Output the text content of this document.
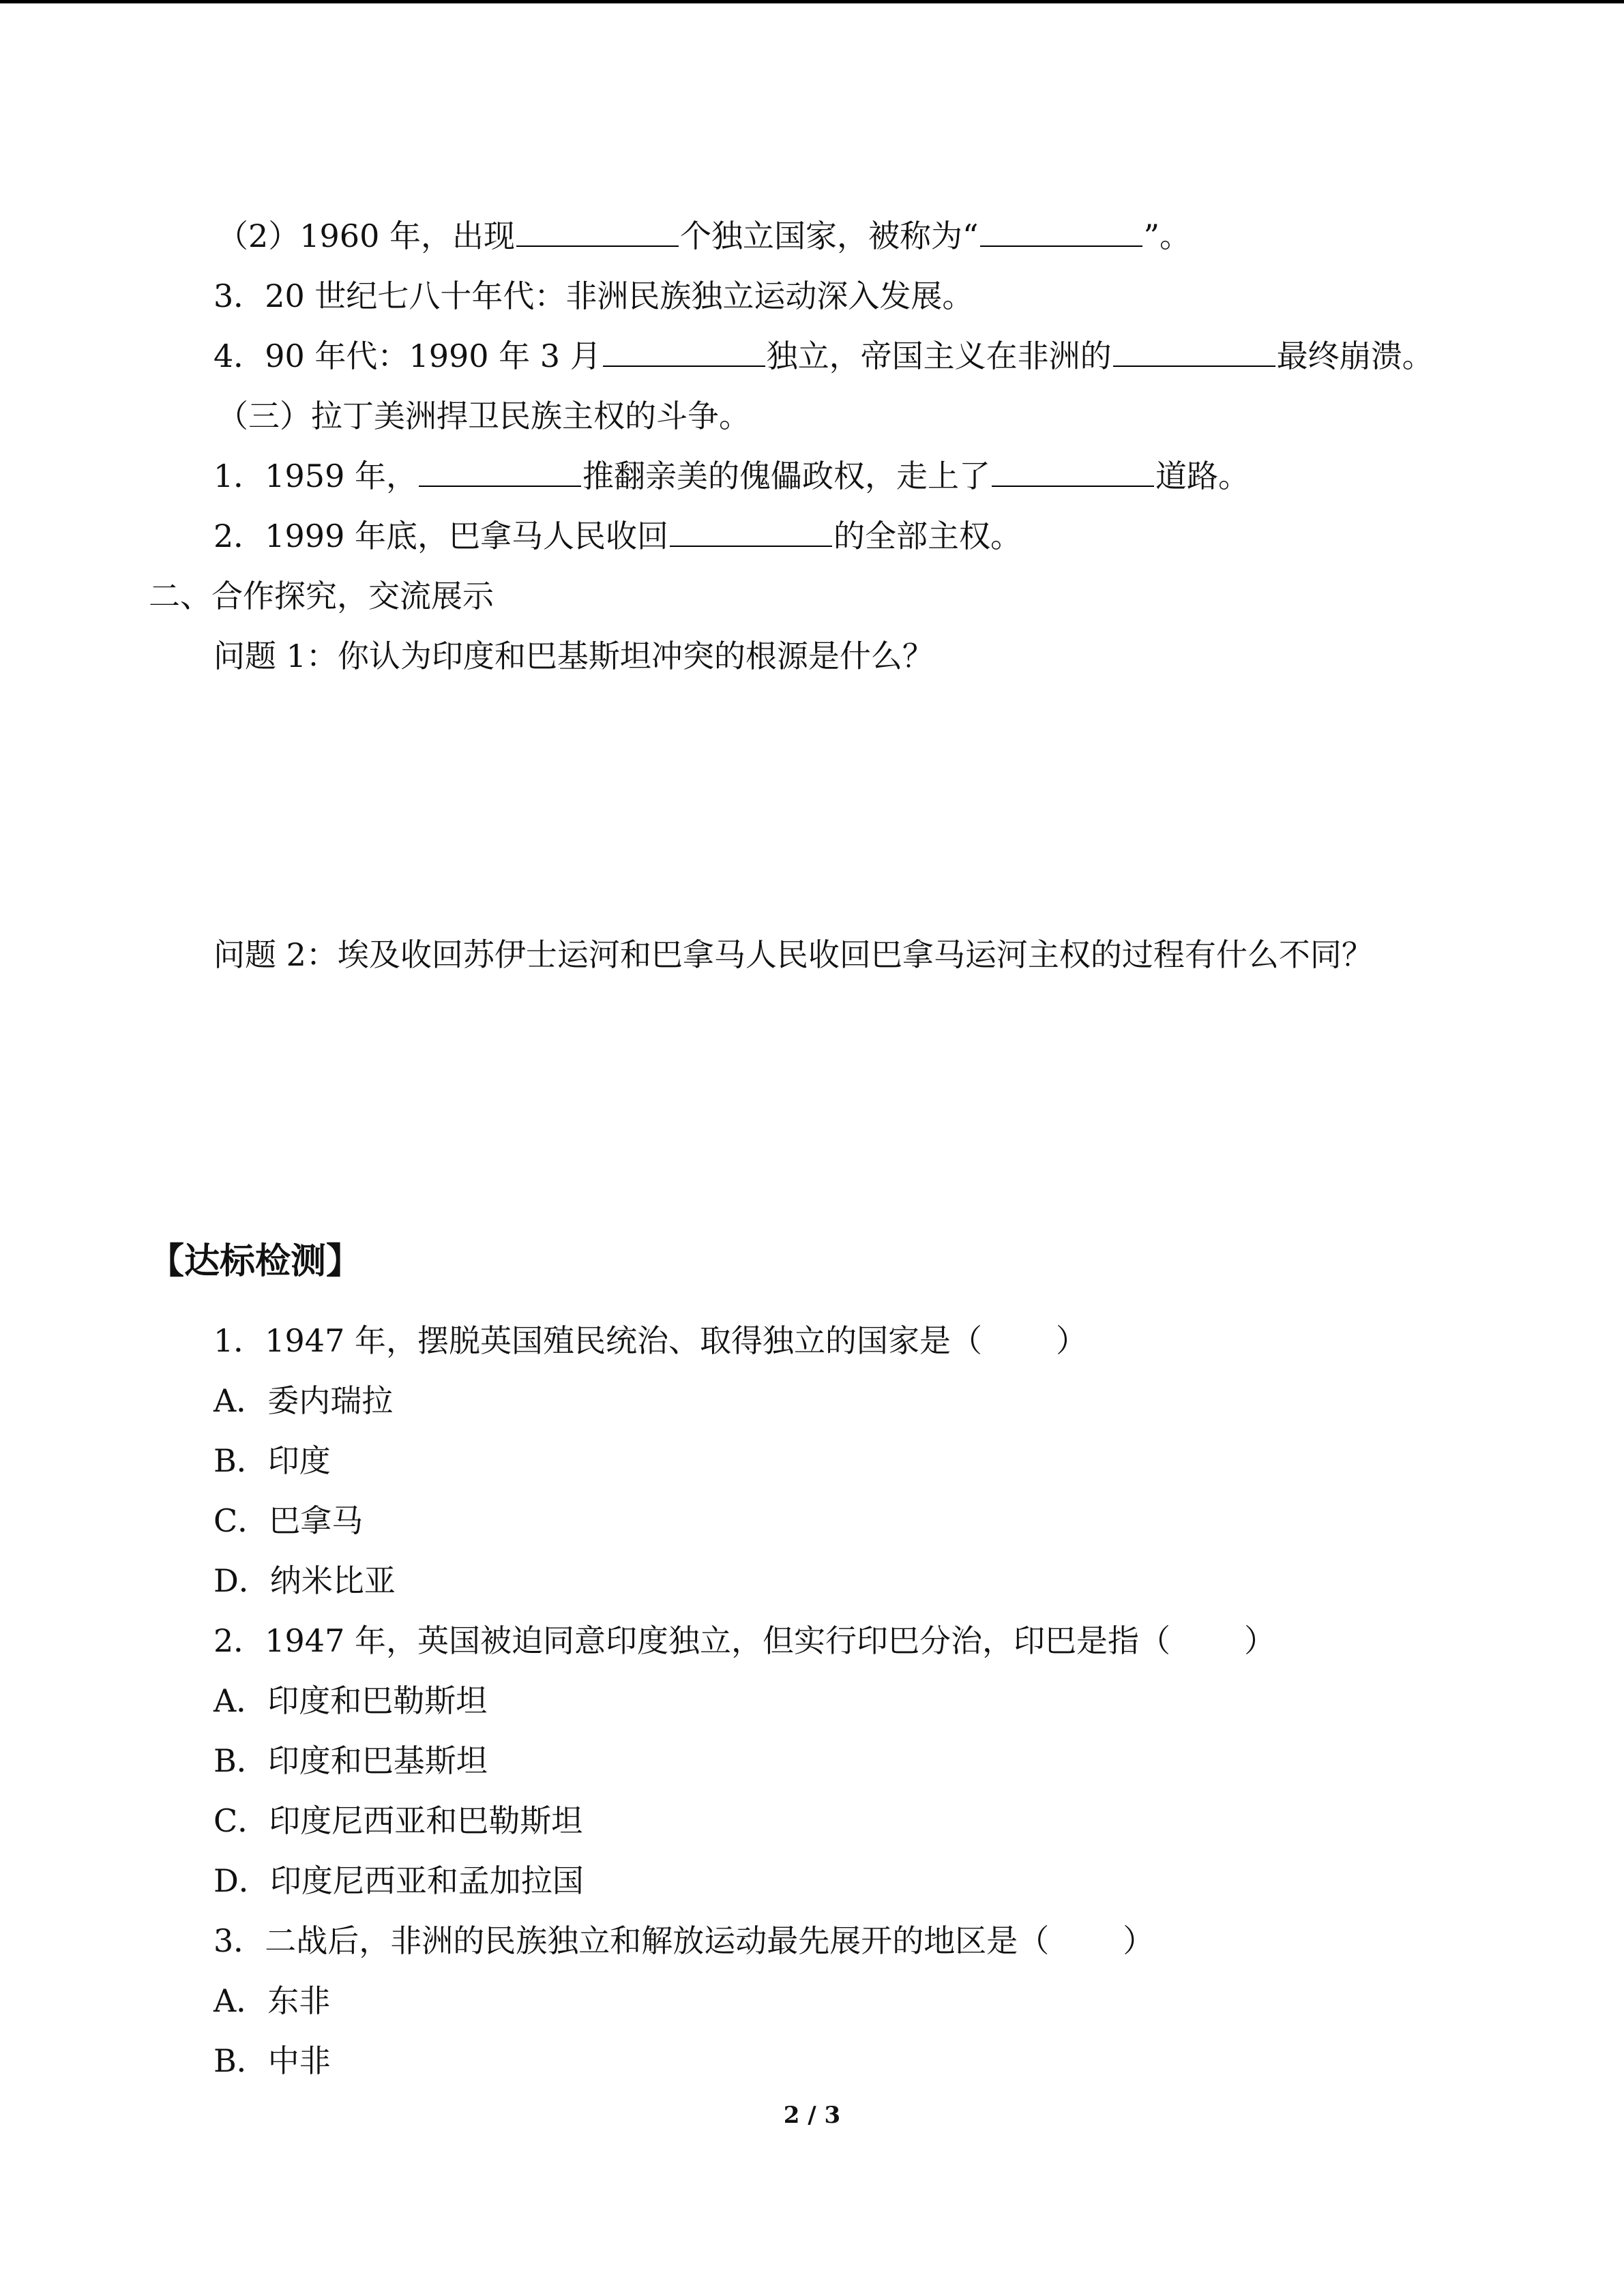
（2）1960 年，出现	个独立国家，被称为“	”。
3．20 世纪七八十年代：非洲民族独立运动深入发展。
4．90 年代：1990 年 3 月	独立，帝国主义在非洲的	最终崩溃。
（三）拉丁美洲捍卫民族主权的斗争。
1．1959 年，	推翻亲美的傀儡政权，走上了	道路。
2．1999 年底，巴拿马人民收回	的全部主权。
二、合作探究，交流展示
问题 1：你认为印度和巴基斯坦冲突的根源是什么？
问题 2：埃及收回苏伊士运河和巴拿马人民收回巴拿马运河主权的过程有什么不同？
【达标检测】
1．1947 年，摆脱英国殖民统治、取得独立的国家是（ ）
A．委内瑞拉
B．印度
C．巴拿马
D．纳米比亚
2．1947 年，英国被迫同意印度独立，但实行印巴分治，印巴是指（ ）
A．印度和巴勒斯坦
B．印度和巴基斯坦
C．印度尼西亚和巴勒斯坦
D．印度尼西亚和孟加拉国
3．二战后，非洲的民族独立和解放运动最先展开的地区是（ ）
A．东非
B．中非
2 / 3
